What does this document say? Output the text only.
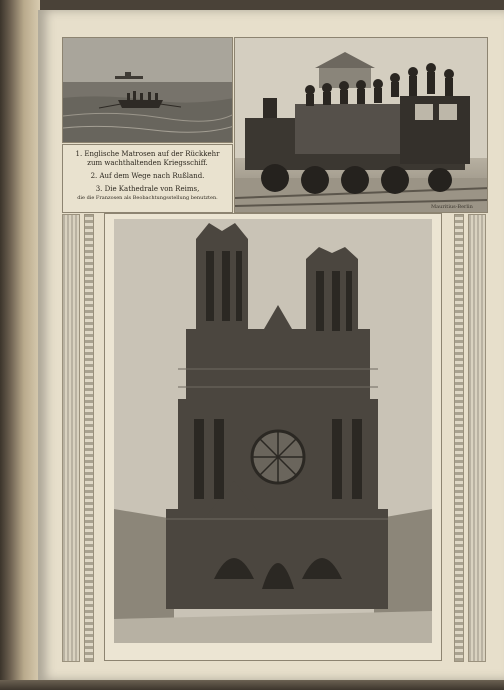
Mauritius-Berlin
1. Englische Matrosen auf der Rückkehr
zum wachthaltenden Kriegsschiff.
2. Auf dem Wege nach Rußland.
3. Die Kathedrale von Reims,
die die Franzosen als Beobachtungsstellung benutzten.
